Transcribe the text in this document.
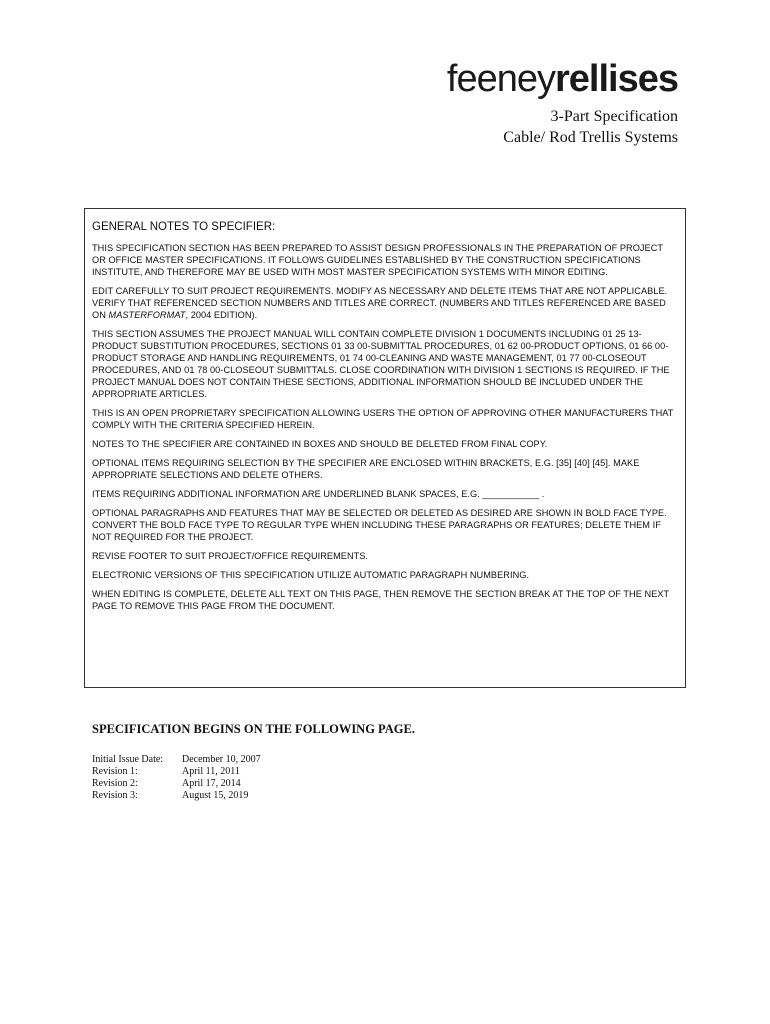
feeneyrellises
3-Part Specification
Cable/ Rod Trellis Systems
GENERAL NOTES TO SPECIFIER:

THIS SPECIFICATION SECTION HAS BEEN PREPARED TO ASSIST DESIGN PROFESSIONALS IN THE PREPARATION OF PROJECT OR OFFICE MASTER SPECIFICATIONS. IT FOLLOWS GUIDELINES ESTABLISHED BY THE CONSTRUCTION SPECIFICATIONS INSTITUTE, AND THEREFORE MAY BE USED WITH MOST MASTER SPECIFICATION SYSTEMS WITH MINOR EDITING.

EDIT CAREFULLY TO SUIT PROJECT REQUIREMENTS. MODIFY AS NECESSARY AND DELETE ITEMS THAT ARE NOT APPLICABLE. VERIFY THAT REFERENCED SECTION NUMBERS AND TITLES ARE CORRECT. (NUMBERS AND TITLES REFERENCED ARE BASED ON MASTERFORMAT, 2004 EDITION).

THIS SECTION ASSUMES THE PROJECT MANUAL WILL CONTAIN COMPLETE DIVISION 1 DOCUMENTS INCLUDING 01 25 13-PRODUCT SUBSTITUTION PROCEDURES, SECTIONS 01 33 00-SUBMITTAL PROCEDURES, 01 62 00-PRODUCT OPTIONS, 01 66 00-PRODUCT STORAGE AND HANDLING REQUIREMENTS, 01 74 00-CLEANING AND WASTE MANAGEMENT, 01 77 00-CLOSEOUT PROCEDURES, AND 01 78 00-CLOSEOUT SUBMITTALS. CLOSE COORDINATION WITH DIVISION 1 SECTIONS IS REQUIRED. IF THE PROJECT MANUAL DOES NOT CONTAIN THESE SECTIONS, ADDITIONAL INFORMATION SHOULD BE INCLUDED UNDER THE APPROPRIATE ARTICLES.

THIS IS AN OPEN PROPRIETARY SPECIFICATION ALLOWING USERS THE OPTION OF APPROVING OTHER MANUFACTURERS THAT COMPLY WITH THE CRITERIA SPECIFIED HEREIN.

NOTES TO THE SPECIFIER ARE CONTAINED IN BOXES AND SHOULD BE DELETED FROM FINAL COPY.

OPTIONAL ITEMS REQUIRING SELECTION BY THE SPECIFIER ARE ENCLOSED WITHIN BRACKETS, E.G. [35] [40] [45]. MAKE APPROPRIATE SELECTIONS AND DELETE OTHERS.

ITEMS REQUIRING ADDITIONAL INFORMATION ARE UNDERLINED BLANK SPACES, E.G. ___________ .

OPTIONAL PARAGRAPHS AND FEATURES THAT MAY BE SELECTED OR DELETED AS DESIRED ARE SHOWN IN BOLD FACE TYPE. CONVERT THE BOLD FACE TYPE TO REGULAR TYPE WHEN INCLUDING THESE PARAGRAPHS OR FEATURES; DELETE THEM IF NOT REQUIRED FOR THE PROJECT.

REVISE FOOTER TO SUIT PROJECT/OFFICE REQUIREMENTS.

ELECTRONIC VERSIONS OF THIS SPECIFICATION UTILIZE AUTOMATIC PARAGRAPH NUMBERING.

WHEN EDITING IS COMPLETE, DELETE ALL TEXT ON THIS PAGE, THEN REMOVE THE SECTION BREAK AT THE TOP OF THE NEXT PAGE TO REMOVE THIS PAGE FROM THE DOCUMENT.

SPECIFICATION BEGINS ON THE FOLLOWING PAGE.
Initial Issue Date:	December 10, 2007
Revision 1:	April 11, 2011
Revision 2:	April 17, 2014
Revision 3:	August 15, 2019
